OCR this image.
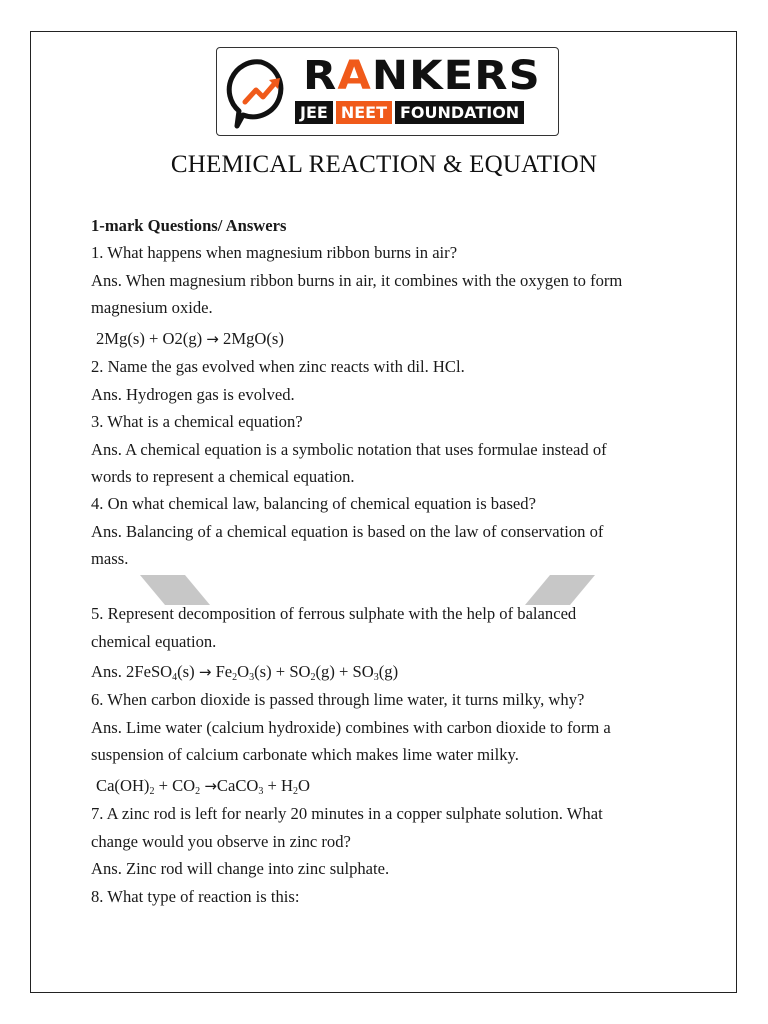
RANKERS
JEE NEET FOUNDATION
CHEMICAL REACTION & EQUATION

1-mark Questions/ Answers

1. What happens when magnesium ribbon burns in air?

Ans. When magnesium ribbon burns in air, it combines with the oxygen to form

magnesium oxide.

2Mg(s) + O2(g) → 2MgO(s)

2. Name the gas evolved when zinc reacts with dil. HCl.

Ans. Hydrogen gas is evolved.

3. What is a chemical equation?

Ans. A chemical equation is a symbolic notation that uses formulae instead of

words to represent a chemical equation.

4. On what chemical law, balancing of chemical equation is based?

Ans. Balancing of a chemical equation is based on the law of conservation of

mass.

5. Represent decomposition of ferrous sulphate with the help of balanced

chemical equation.

Ans. 2FeSO$_4$(s) → $Fe_2O_3(s) + SO_2(g) + SO_3(g)$

6. When carbon dioxide is passed through lime water, it turns milky, why?

Ans. Lime water (calcium hydroxide) combines with carbon dioxide to form a

suspension of calcium carbonate which makes lime water milky.

$Ca(OH)_2 + CO_2$ →CaCO$_3$ + $H_2O$

7. A zinc rod is left for nearly 20 minutes in a copper sulphate solution. What

change would you observe in zinc rod?

Ans. Zinc rod will change into zinc sulphate.

8. What type of reaction is this:
